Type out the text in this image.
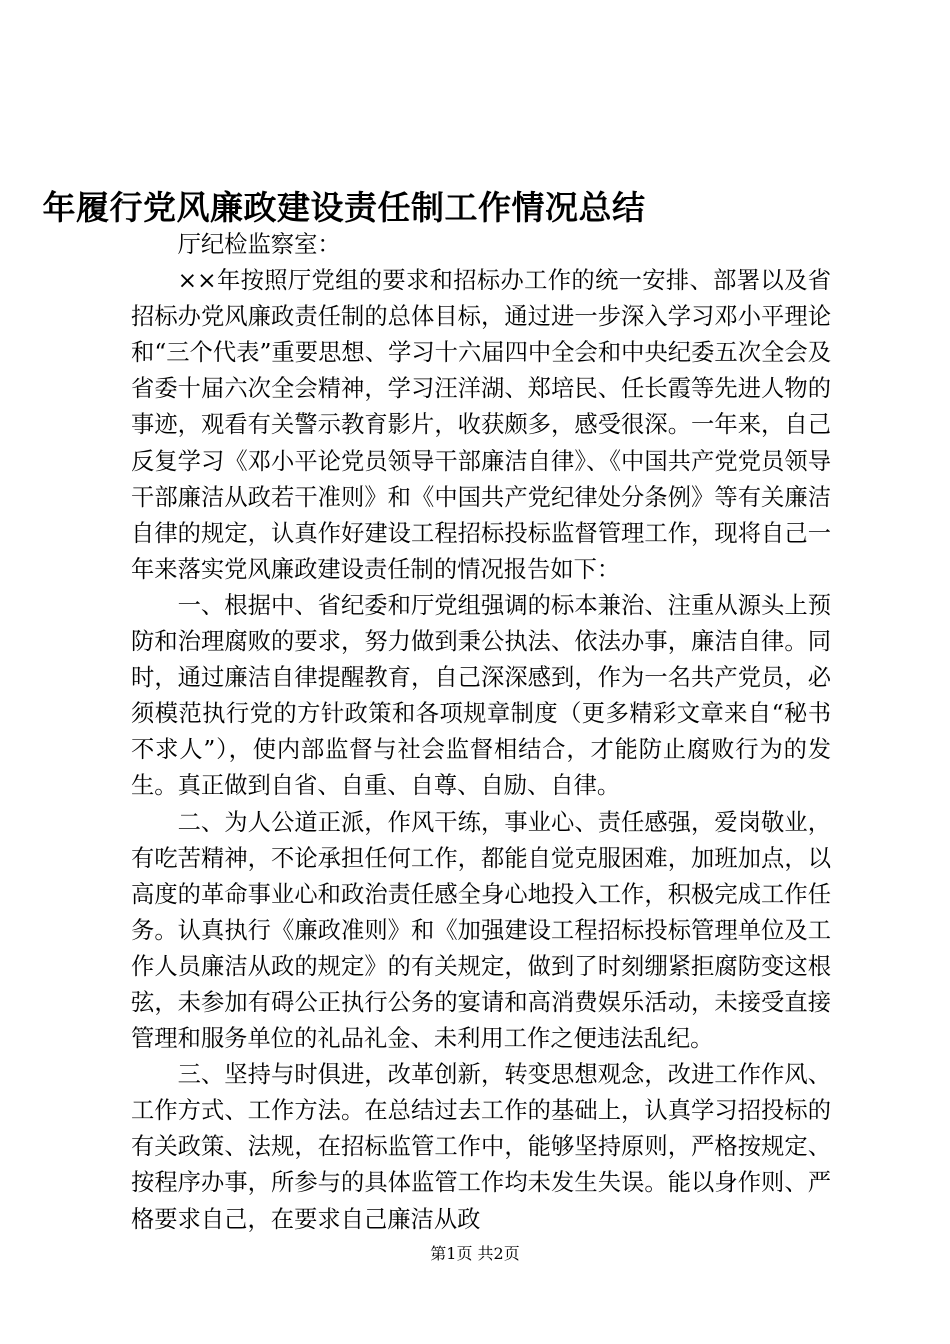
年履行党风廉政建设责任制工作情况总结

厅纪检监察室：

××年按照厅党组的要求和招标办工作的统一安排、部署以及省招标办党风廉政责任制的总体目标，通过进一步深入学习邓小平理论和“三个代表”重要思想、学习十六届四中全会和中央纪委五次全会及省委十届六次全会精神，学习汪洋湖、郑培民、任长霞等先进人物的事迹，观看有关警示教育影片，收获颇多，感受很深。一年来，自己反复学习《邓小平论党员领导干部廉洁自律》、《中国共产党党员领导干部廉洁从政若干准则》和《中国共产党纪律处分条例》等有关廉洁自律的规定，认真作好建设工程招标投标监督管理工作，现将自己一年来落实党风廉政建设责任制的情况报告如下：

一、根据中、省纪委和厅党组强调的标本兼治、注重从源头上预防和治理腐败的要求，努力做到秉公执法、依法办事，廉洁自律。同时，通过廉洁自律提醒教育，自己深深感到，作为一名共产党员，必须模范执行党的方针政策和各项规章制度（更多精彩文章来自“秘书不求人”），使内部监督与社会监督相结合，才能防止腐败行为的发生。真正做到自省、自重、自尊、自励、自律。

二、为人公道正派，作风干练，事业心、责任感强，爱岗敬业，有吃苦精神，不论承担任何工作，都能自觉克服困难，加班加点，以高度的革命事业心和政治责任感全身心地投入工作，积极完成工作任务。认真执行《廉政准则》和《加强建设工程招标投标管理单位及工作人员廉洁从政的规定》的有关规定，做到了时刻绷紧拒腐防变这根弦，未参加有碍公正执行公务的宴请和高消费娱乐活动，未接受直接管理和服务单位的礼品礼金、未利用工作之便违法乱纪。

三、坚持与时俱进，改革创新，转变思想观念，改进工作作风、工作方式、工作方法。在总结过去工作的基础上，认真学习招投标的有关政策、法规，在招标监管工作中，能够坚持原则，严格按规定、按程序办事，所参与的具体监管工作均未发生失误。能以身作则、严格要求自己，在要求自己廉洁从政

第1页 共2页
